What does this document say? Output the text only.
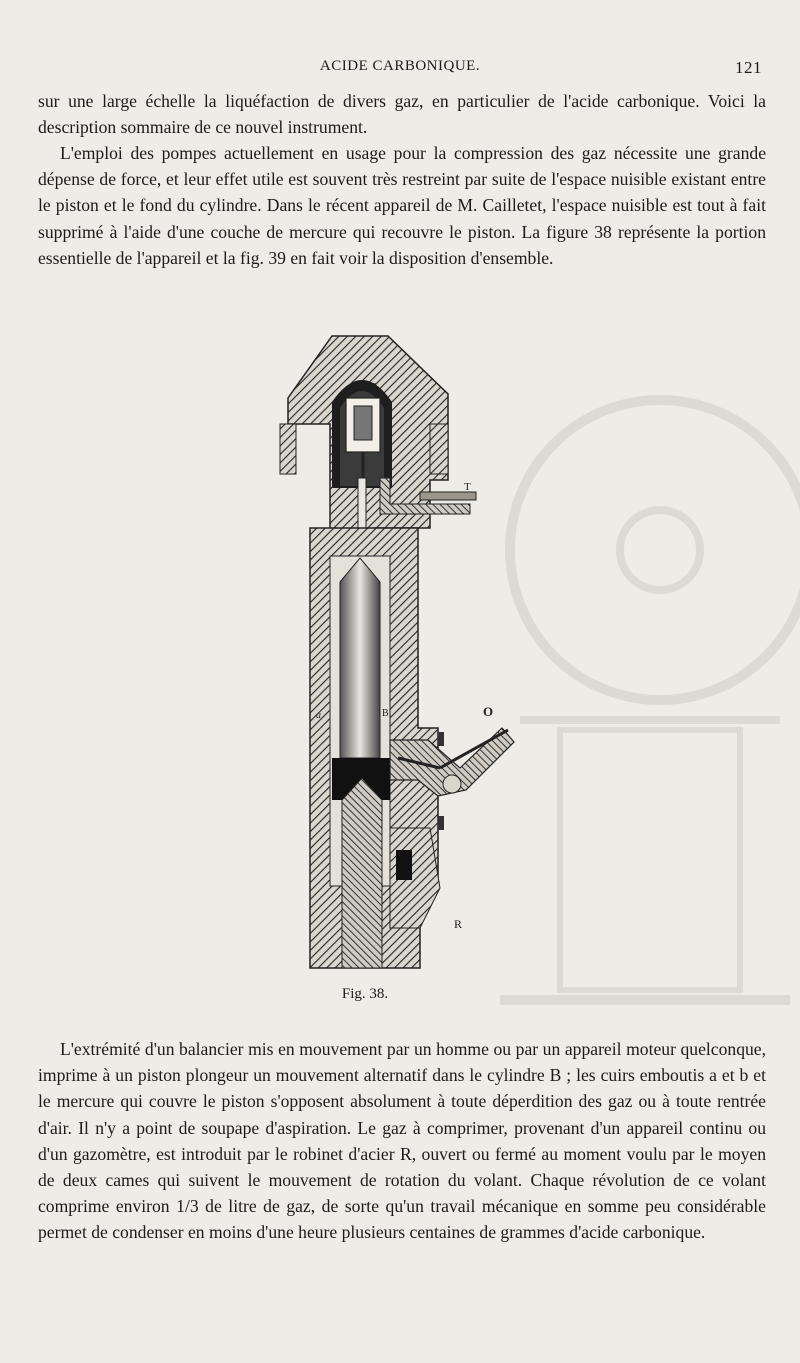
ACIDE CARBONIQUE.	121

sur une large échelle la liquéfaction de divers gaz, en particulier de l'acide carbonique. Voici la description sommaire de ce nouvel instrument.

L'emploi des pompes actuellement en usage pour la compression des gaz nécessite une grande dépense de force, et leur effet utile est souvent très restreint par suite de l'espace nuisible existant entre le piston et le fond du cylindre. Dans le récent appareil de M. Cailletet, l'espace nuisible est tout à fait supprimé à l'aide d'une couche de mercure qui recouvre le piston. La figure 38 représente la portion essentielle de l'appareil et la fig. 39 en fait voir la disposition d'ensemble.

T
T
a	B	O
R
Fig. 38.

L'extrémité d'un balancier mis en mouvement par un homme ou par un appareil moteur quelconque, imprime à un piston plongeur un mouvement alternatif dans le cylindre B ; les cuirs emboutis a et b et le mercure qui couvre le piston s'opposent absolument à toute déperdition des gaz ou à toute rentrée d'air. Il n'y a point de soupape d'aspiration. Le gaz à comprimer, provenant d'un appareil continu ou d'un gazomètre, est introduit par le robinet d'acier R, ouvert ou fermé au moment voulu par le moyen de deux cames qui suivent le mouvement de rotation du volant. Chaque révolution de ce volant comprime environ 1/3 de litre de gaz, de sorte qu'un travail mécanique en somme peu considérable permet de condenser en moins d'une heure plusieurs centaines de grammes d'acide carbonique.
